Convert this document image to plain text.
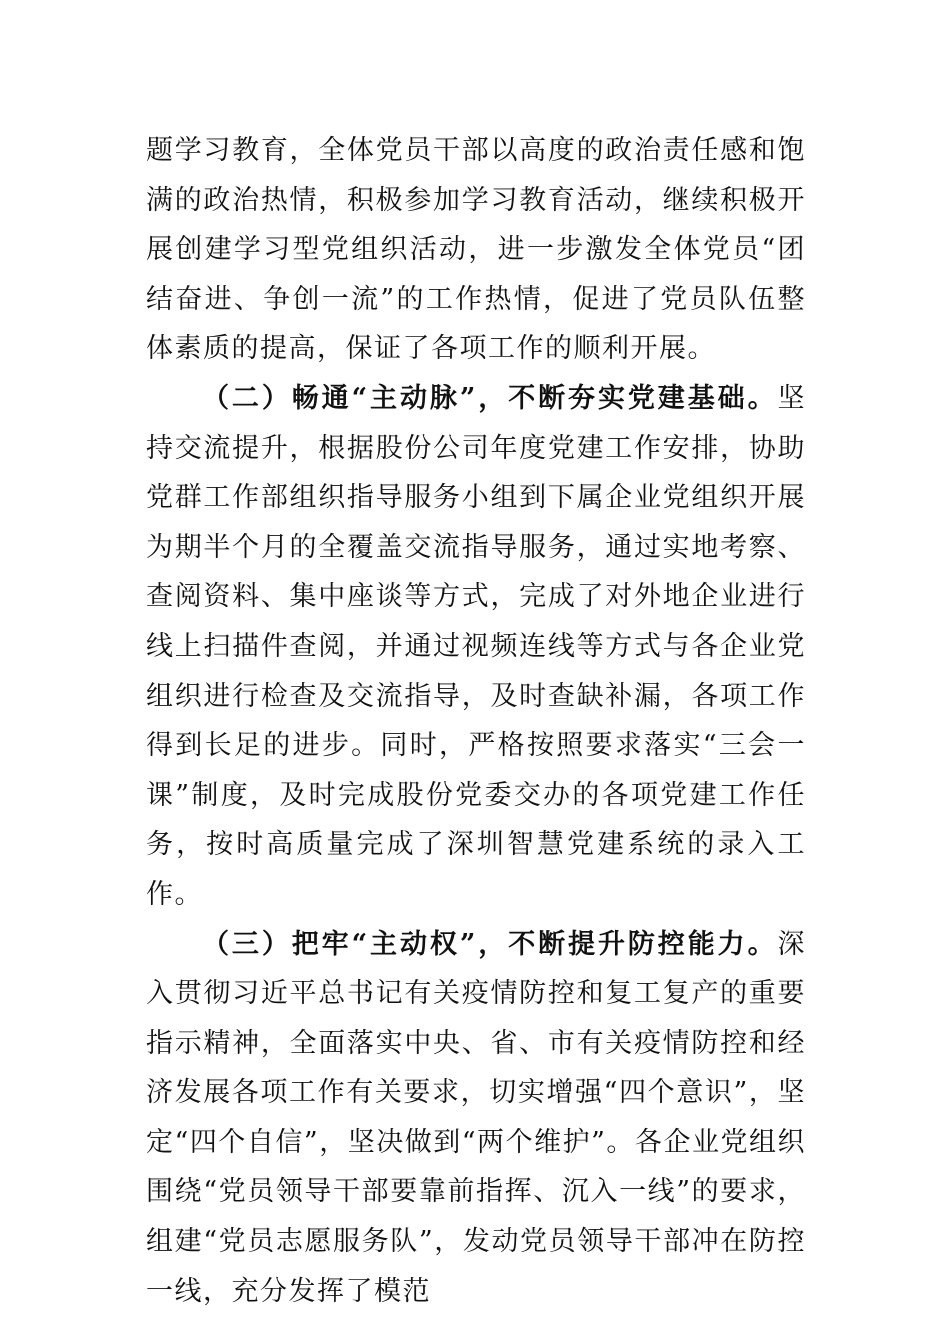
题学习教育，全体党员干部以高度的政治责任感和饱满的政治热情，积极参加学习教育活动，继续积极开展创建学习型党组织活动，进一步激发全体党员“团结奋进、争创一流”的工作热情，促进了党员队伍整体素质的提高，保证了各项工作的顺利开展。

（二）畅通“主动脉”，不断夯实党建基础。坚持交流提升，根据股份公司年度党建工作安排，协助党群工作部组织指导服务小组到下属企业党组织开展为期半个月的全覆盖交流指导服务，通过实地考察、查阅资料、集中座谈等方式，完成了对外地企业进行线上扫描件查阅，并通过视频连线等方式与各企业党组织进行检查及交流指导，及时查缺补漏，各项工作得到长足的进步。同时，严格按照要求落实“三会一课”制度，及时完成股份党委交办的各项党建工作任务，按时高质量完成了深圳智慧党建系统的录入工作。

（三）把牢“主动权”，不断提升防控能力。深入贯彻习近平总书记有关疫情防控和复工复产的重要指示精神，全面落实中央、省、市有关疫情防控和经济发展各项工作有关要求，切实增强“四个意识”，坚定“四个自信”，坚决做到“两个维护”。各企业党组织围绕“党员领导干部要靠前指挥、沉入一线”的要求，组建“党员志愿服务队”，发动党员领导干部冲在防控一线，充分发挥了模范
